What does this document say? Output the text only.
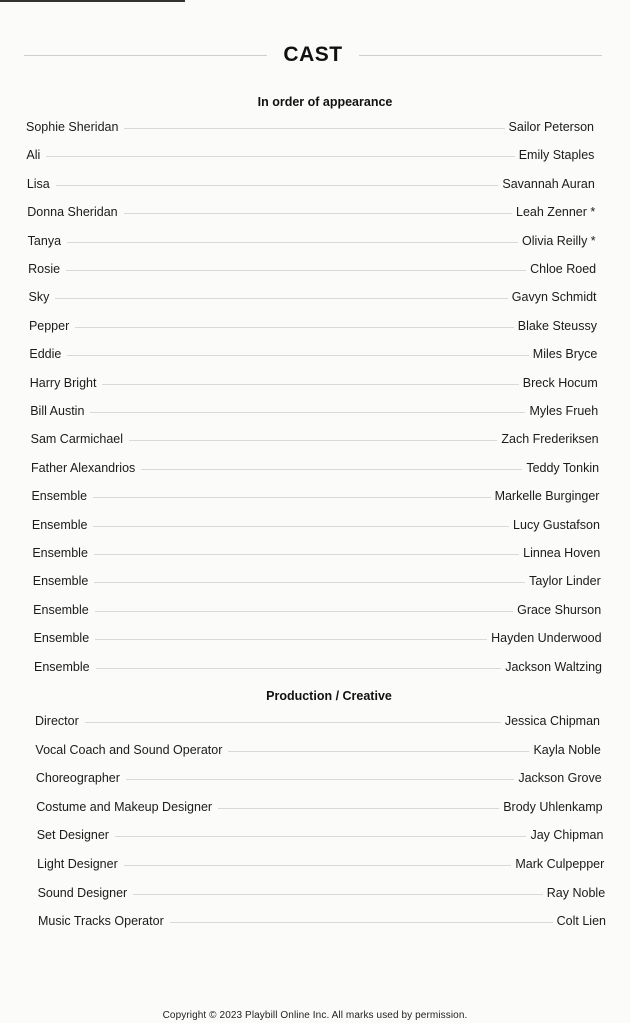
CAST
In order of appearance
Sophie Sheridan	Sailor Peterson
Ali	Emily Staples
Lisa	Savannah Auran
Donna Sheridan	Leah Zenner *
Tanya	Olivia Reilly *
Rosie	Chloe Roed
Sky	Gavyn Schmidt
Pepper	Blake Steussy
Eddie	Miles Bryce
Harry Bright	Breck Hocum
Bill Austin	Myles Frueh
Sam Carmichael	Zach Frederiksen
Father Alexandrios	Teddy Tonkin
Ensemble	Markelle Burginger
Ensemble	Lucy Gustafson
Ensemble	Linnea Hoven
Ensemble	Taylor Linder
Ensemble	Grace Shurson
Ensemble	Hayden Underwood
Ensemble	Jackson Waltzing
Production / Creative
Director	Jessica Chipman
Vocal Coach and Sound Operator	Kayla Noble
Choreographer	Jackson Grove
Costume and Makeup Designer	Brody Uhlenkamp
Set Designer	Jay Chipman
Light Designer	Mark Culpepper
Sound Designer	Ray Noble
Music Tracks Operator	Colt Lien
Copyright © 2023 Playbill Online Inc. All marks used by permission.
